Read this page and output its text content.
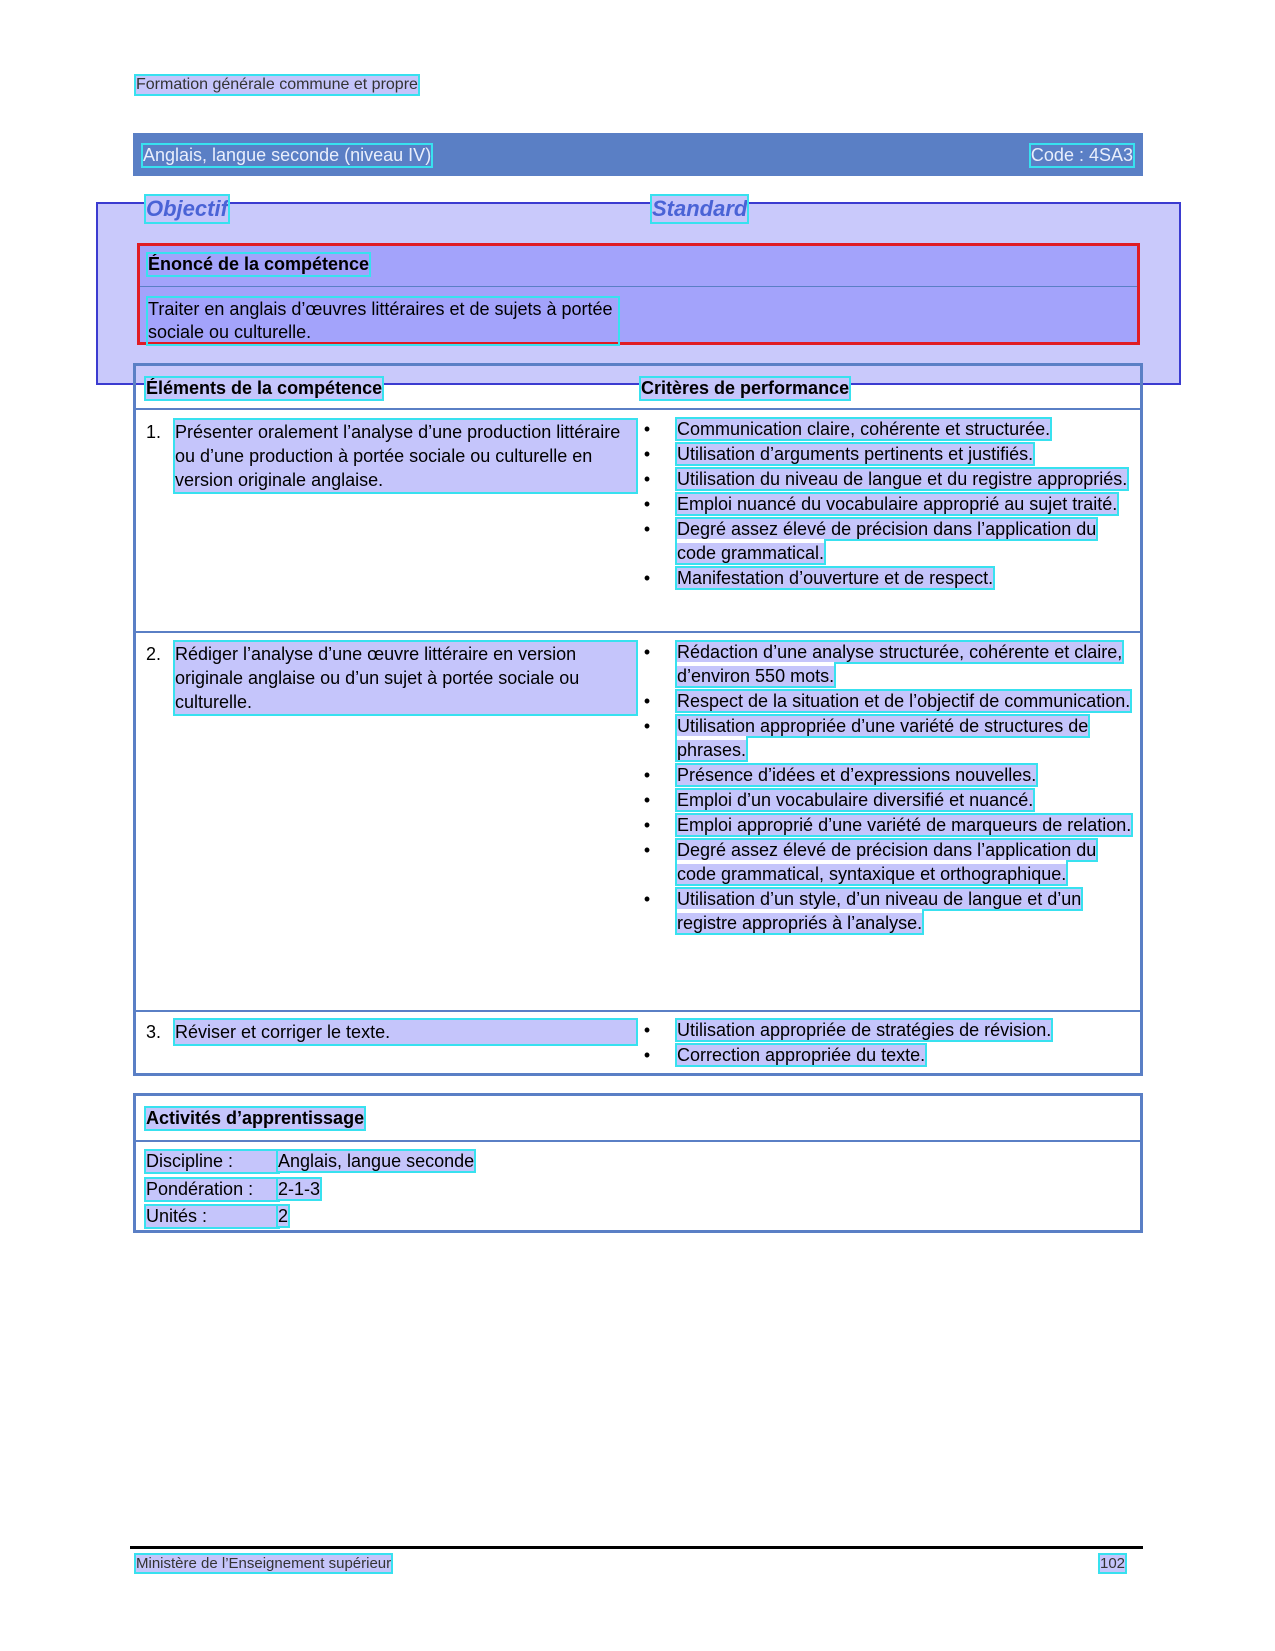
Formation générale commune et propre
Anglais, langue seconde (niveau IV)	Code : 4SA3
Objectif	Standard
Énoncé de la compétence
Traiter en anglais d’œuvres littéraires et de sujets à portée sociale ou culturelle.
Éléments de la compétence	Critères de performance
1. Présenter oralement l’analyse d’une production littéraire ou d’une production à portée sociale ou culturelle en version originale anglaise.
• Communication claire, cohérente et structurée.
• Utilisation d’arguments pertinents et justifiés.
• Utilisation du niveau de langue et du registre appropriés.
• Emploi nuancé du vocabulaire approprié au sujet traité.
• Degré assez élevé de précision dans l’application du code grammatical.
• Manifestation d’ouverture et de respect.
2. Rédiger l’analyse d’une œuvre littéraire en version originale anglaise ou d’un sujet à portée sociale ou culturelle.
• Rédaction d’une analyse structurée, cohérente et claire, d’environ 550 mots.
• Respect de la situation et de l’objectif de communication.
• Utilisation appropriée d’une variété de structures de phrases.
• Présence d’idées et d’expressions nouvelles.
• Emploi d’un vocabulaire diversifié et nuancé.
• Emploi approprié d’une variété de marqueurs de relation.
• Degré assez élevé de précision dans l’application du code grammatical, syntaxique et orthographique.
• Utilisation d’un style, d’un niveau de langue et d’un registre appropriés à l’analyse.
3. Réviser et corriger le texte.	• Utilisation appropriée de stratégies de révision.
• Correction appropriée du texte.
Activités d’apprentissage
Discipline : Anglais, langue seconde
Pondération : 2-1-3
Unités :	2
Ministère de l’Enseignement supérieur	102
